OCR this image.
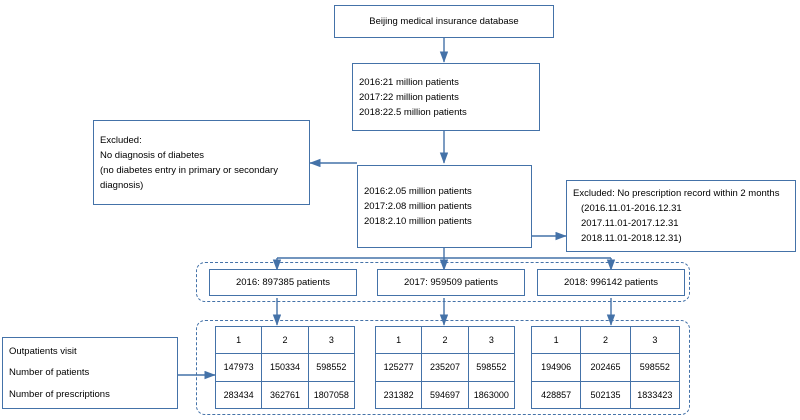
Beijing medical insurance database
2016:21 million patients
2017:22 million patients
2018:22.5 million patients
Excluded:
No diagnosis of diabetes
(no diabetes entry in primary or secondary
diagnosis)
2016:2.05 million patients
2017:2.08 million patients
2018:2.10 million patients
Excluded: No prescription record within 2 months
(2016.11.01-2016.12.31
2017.11.01-2017.12.31
2018.11.01-2018.12.31)
2016: 897385 patients	2017: 959509 patients	2018: 996142 patients
Outpatients visit
Number of patients
Number of prescriptions
1	2	3
147973	150334	598552
283434	362761	1807058
1	2	3
125277	235207	598552
231382	594697	1863000
1	2	3
194906	202465	598552
428857	502135	1833423
